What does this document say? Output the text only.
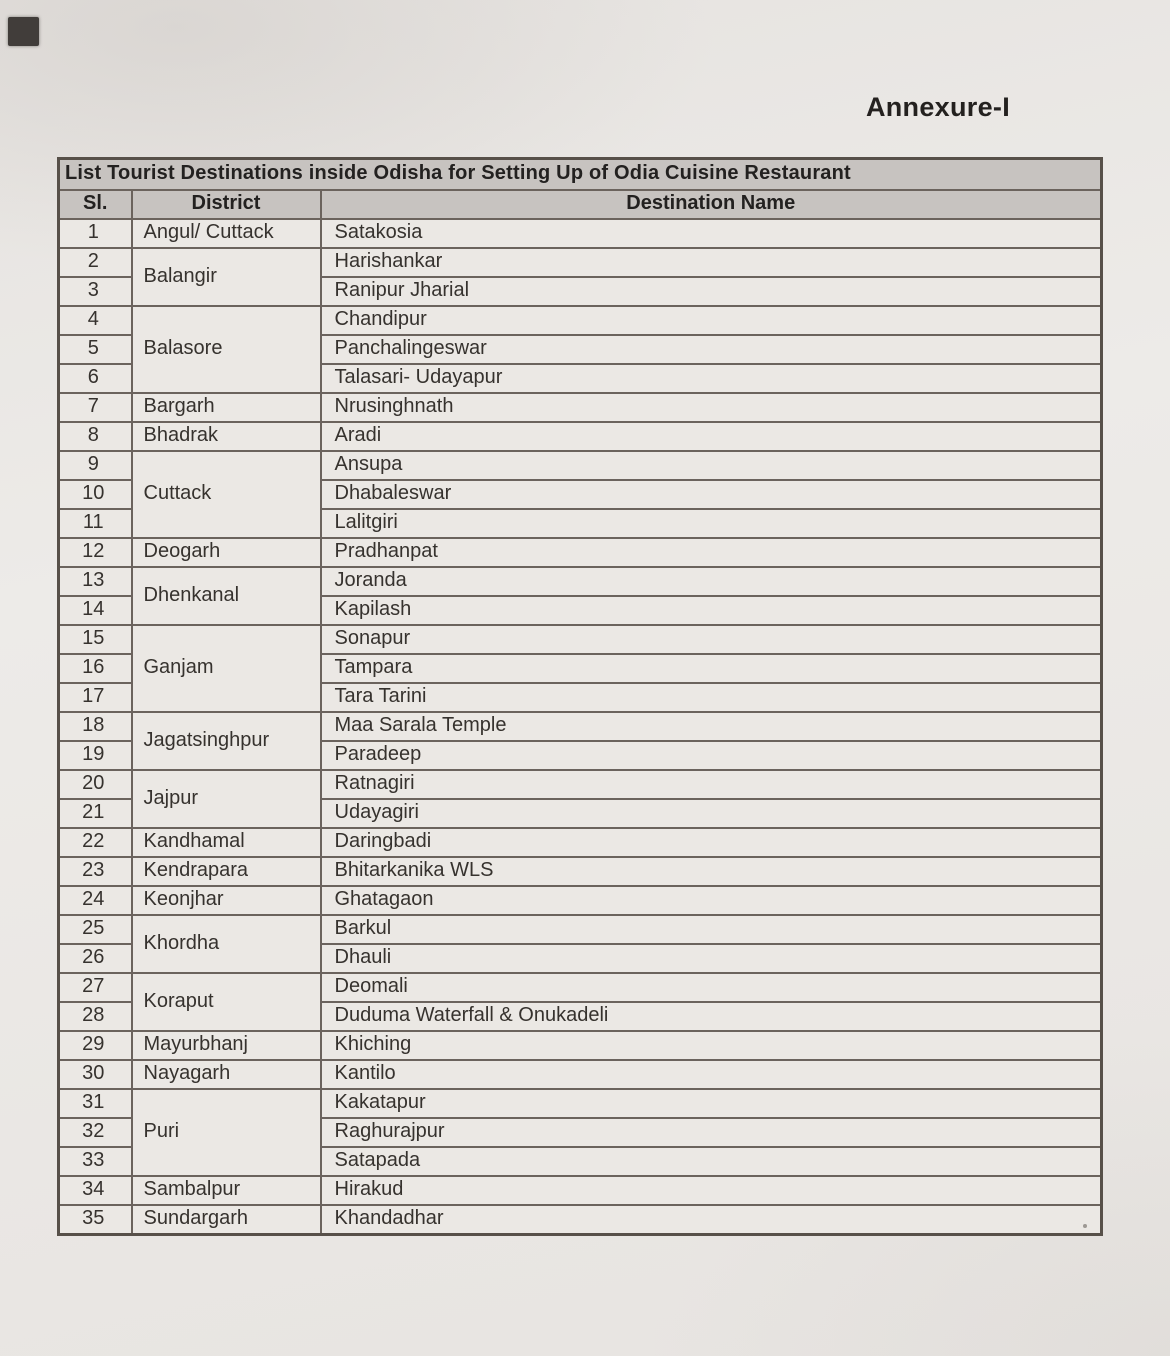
Annexure-I
List Tourist Destinations inside Odisha for Setting Up of Odia Cuisine Restaurant		
Sl.	District	Destination Name
1	Angul/ Cuttack	Satakosia
2	Balangir	Harishankar
3		Ranipur Jharial
4	Balasore	Chandipur
5		Panchalingeswar
6		Talasari- Udayapur
7	Bargarh	Nrusinghnath
8	Bhadrak	Aradi
9	Cuttack	Ansupa
10		Dhabaleswar
11		Lalitgiri
12	Deogarh	Pradhanpat
13	Dhenkanal	Joranda
14		Kapilash
15	Ganjam	Sonapur
16		Tampara
17		Tara Tarini
18	Jagatsinghpur	Maa Sarala Temple
19		Paradeep
20	Jajpur	Ratnagiri
21		Udayagiri
22	Kandhamal	Daringbadi
23	Kendrapara	Bhitarkanika WLS
24	Keonjhar	Ghatagaon
25	Khordha	Barkul
26		Dhauli
27	Koraput	Deomali
28		Duduma Waterfall & Onukadeli
29	Mayurbhanj	Khiching
30	Nayagarh	Kantilo
31	Puri	Kakatapur
32		Raghurajpur
33		Satapada
34	Sambalpur	Hirakud
35	Sundargarh	Khandadhar
